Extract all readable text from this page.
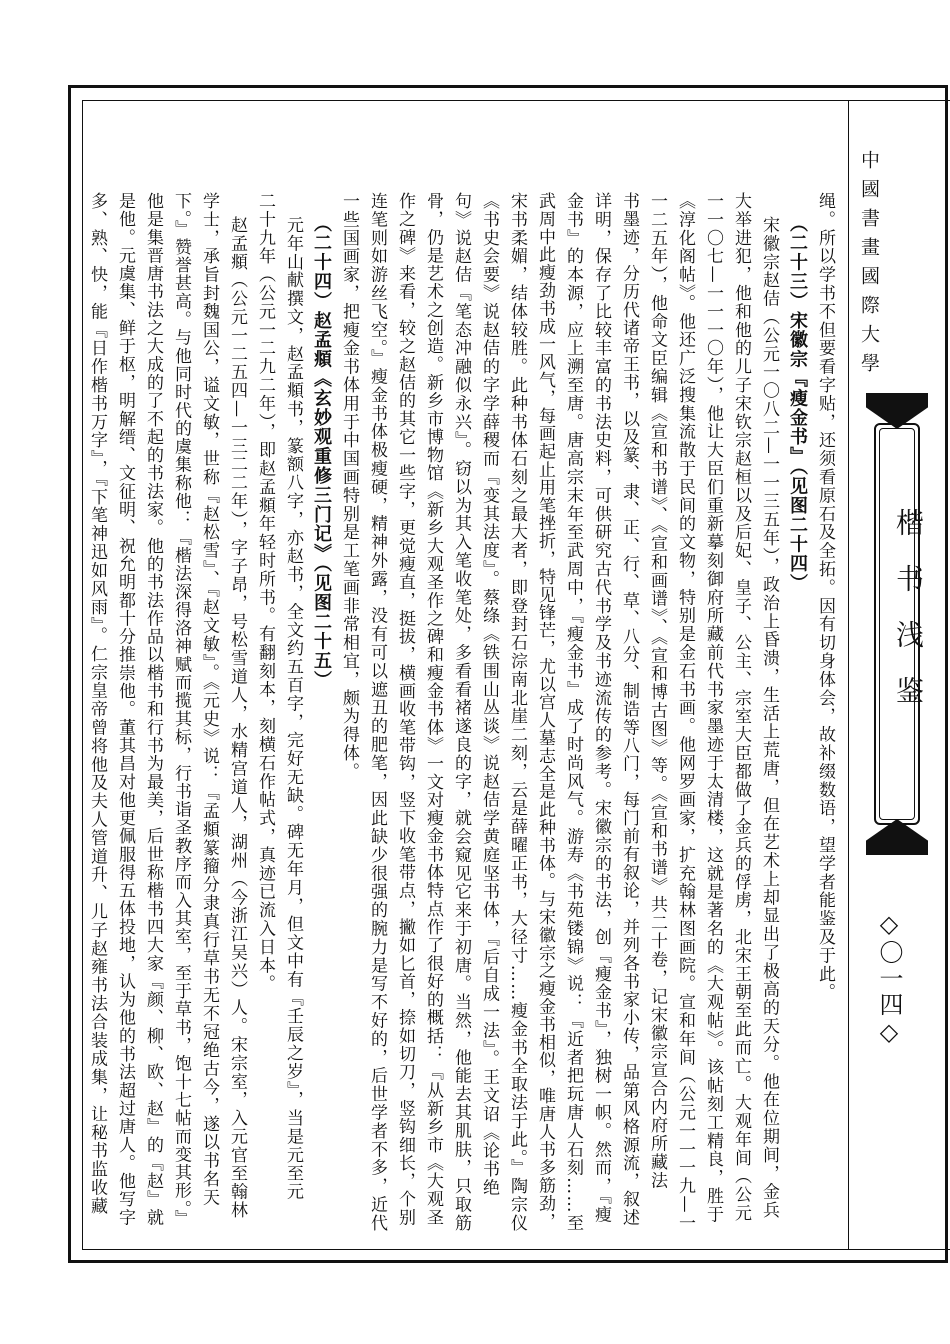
中國書畫國際大學
楷书浅鉴
◇〇一四◇
绳。所以学书不但要看字贴，还须看原石及全拓。因有切身体会，故补缀数语，望学者能鉴及于此。
（二十三）宋徽宗『瘦金书』（见图二十四）
宋徽宗赵佶（公元一〇八二—一一三五年），政治上昏溃，生活上荒唐，但在艺术上却显出了极高的天分。他在位期间，金兵
大举进犯，他和他的儿子宋钦宗赵桓以及后妃、皇子、公主、宗室大臣都做了金兵的俘虏，北宋王朝至此而亡。大观年间（公元
一一〇七—一一一〇年），他让大臣们重新摹刻御府所藏前代书家墨迹于太清楼，这就是著名的《大观帖》。该帖刻工精良，胜于
《淳化阁帖》。他还广泛搜集流散于民间的文物，特别是金石书画。他网罗画家，扩充翰林图画院。宣和年间（公元一一一九—一
一二五年），他命文臣编辑《宣和书谱》、《宣和画谱》、《宣和博古图》等。《宣和书谱》共二十卷，记宋徽宗宣合内府所藏法
书墨迹，分历代诸帝王书，以及篆、隶、正、行、草、八分、制诰等八门，每门前有叙论，并列各书家小传，品第风格源流，叙述
详明，保存了比较丰富的书法史料，可供研究古代书学及书迹流传的参考。宋徽宗的书法，创『瘦金书』，独树一帜。然而，『瘦
金书』的本源，应上溯至唐。唐高宗末年至武周中，『瘦金书』成了时尚风气。游寿《书苑镂锦》说：『近者把玩唐人石刻……至
武周中此瘦劲书成一风气，每画起止用笔挫折，特见锋芒，尤以宫人墓志全是此种书体。与宋徽宗之瘦金书相似，唯唐人书多筋劲，
宋书柔媚，结体较胜。此种书体石刻之最大者，即登封石淙南北崖二刻，云是薛曜正书，大径寸……瘦金书全取法于此。』陶宗仪
《书史会要》说赵佶的字学薛稷而『变其法度』。蔡绦《铁围山丛谈》说赵佶学黄庭坚书体，『后自成一法』。王文诏《论书绝
句》说赵佶『笔态冲融似永兴』。窃以为其入笔收笔处，多看看褚遂良的字，就会窥见它来于初唐。当然，他能去其肌肤，只取筋
骨，仍是艺术之创造。新乡市博物馆《新乡大观圣作之碑和瘦金书体》一文对瘦金书体特点作了很好的概括：『从新乡市《大观圣
作之碑》来看，较之赵佶的其它一些字，更觉瘦直，挺拔，横画收笔带钩，竖下收笔带点，撇如匕首，捺如切刀，竖钩细长，个别
连笔则如游丝飞空。』瘦金书体极瘦硬，精神外露，没有可以遮丑的肥笔，因此缺少很强的腕力是写不好的，后世学者不多，近代
一些国画家，把瘦金书体用于中国画特别是工笔画非常相宜，颇为得体。
（二十四）赵孟頫《玄妙观重修三门记》（见图二十五）
元年山献撰文，赵孟頫书，篆额八字，亦赵书，全文约五百字，完好无缺。碑无年月，但文中有『壬辰之岁』，当是元至元
二十九年（公元一二九二年），即赵孟頫年轻时所书。有翻刻本，刻横石作帖式，真迹已流入日本。
赵孟頫（公元一二五四—一三二二年），字子昂，号松雪道人，水精宫道人，湖州（今浙江吴兴）人。宋宗室，入元官至翰林
学士，承旨封魏国公，谥文敏，世称『赵松雪』、『赵文敏』。《元史》说：『孟頫篆籀分隶真行草书无不冠绝古今，遂以书名天
下。』赞誉甚高。与他同时代的虞集称他：『楷法深得洛神赋而揽其标，行书诣圣教序而入其室，至于草书，饱十七帖而变其形。』
他是集晋唐书法之大成的了不起的书法家。他的书法作品以楷书和行书为最美，后世称楷书四大家『颜、柳、欧、赵』的『赵』就
是他。元虞集、鲜于枢，明解缙、文征明、祝允明都十分推崇他。董其昌对他更佩服得五体投地，认为他的书法超过唐人。他写字
多、熟、快，能『日作楷书万字』，『下笔神迅如风雨』。仁宗皇帝曾将他及夫人管道升、儿子赵雍书法合装成集，让秘书监收藏
